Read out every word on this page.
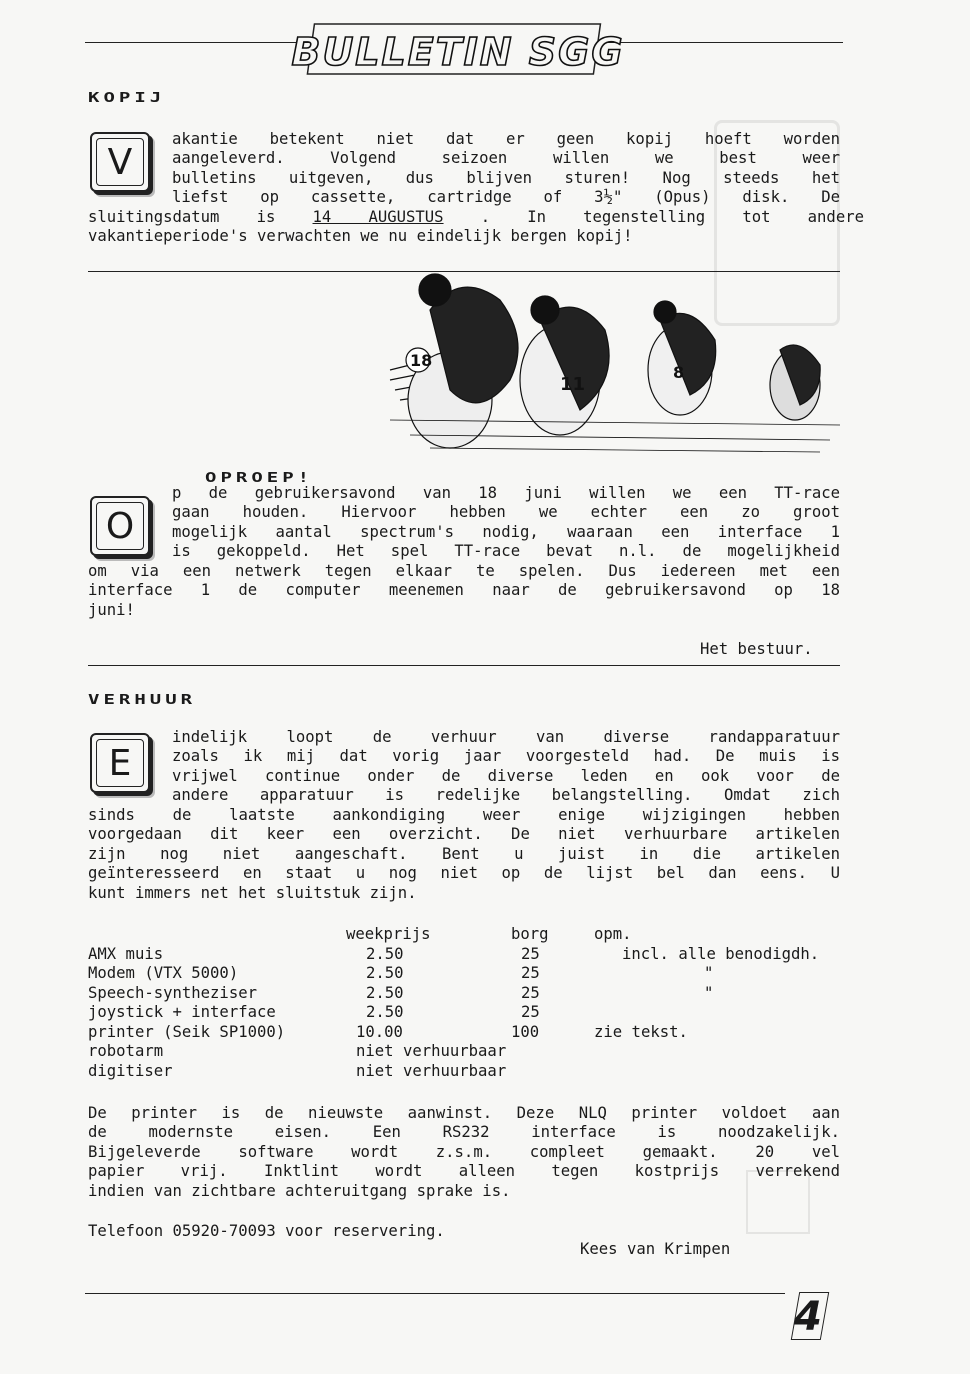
BULLETIN SGG
KOPIJ
V
akantie betekent niet dat er geen kopij hoeft worden
aangeleverd. Volgend seizoen willen we best weer
bulletins uitgeven, dus blijven sturen! Nog steeds het
liefst op cassette, cartridge of 3½" (Opus) disk. De
sluitingsdatum is 14 AUGUSTUS . In tegenstelling tot andere
vakantieperiode's verwachten we nu eindelijk bergen kopij!
18
11
8
OPROEP!
O
p de gebruikersavond van 18 juni willen we een TT-race
gaan houden. Hiervoor hebben we echter een zo groot
mogelijk aantal spectrum's nodig, waaraan een interface 1
is gekoppeld. Het spel TT-race bevat n.l. de mogelijkheid
om via een netwerk tegen elkaar te spelen. Dus iedereen met een
interface 1 de computer meenemen naar de gebruikersavond op 18
juni!
Het bestuur.
VERHUUR
E
indelijk loopt de verhuur van diverse randapparatuur
zoals ik mij dat vorig jaar voorgesteld had. De muis is
vrijwel continue onder de diverse leden en ook voor de
andere apparatuur is redelijke belangstelling. Omdat zich
sinds de laatste aankondiging weer enige wijzigingen hebben
voorgedaan dit keer een overzicht. De niet verhuurbare artikelen
zijn nog niet aangeschaft. Bent u juist in die artikelen
geïnteresseerd en staat u nog niet op de lijst bel dan eens. U
kunt immers net het sluitstuk zijn.
	weekprijs	borg	opm.
AMX muis	2.50	25	incl. alle benodigdh.
Modem (VTX 5000)	2.50	25	"
Speech-syntheziser	2.50	25	"
joystick + interface	2.50	25	
printer (Seik SP1000)	10.00	100	zie tekst.
robotarm	niet verhuurbaar		
digitiser	niet verhuurbaar		
De printer is de nieuwste aanwinst. Deze NLQ printer voldoet aan
de modernste eisen. Een RS232 interface is noodzakelijk.
Bijgeleverde software wordt z.s.m. compleet gemaakt. 20 vel
papier vrij. Inktlint wordt alleen tegen kostprijs verrekend
indien van zichtbare achteruitgang sprake is.
Telefoon 05920-70093 voor reservering.
Kees van Krimpen
4
